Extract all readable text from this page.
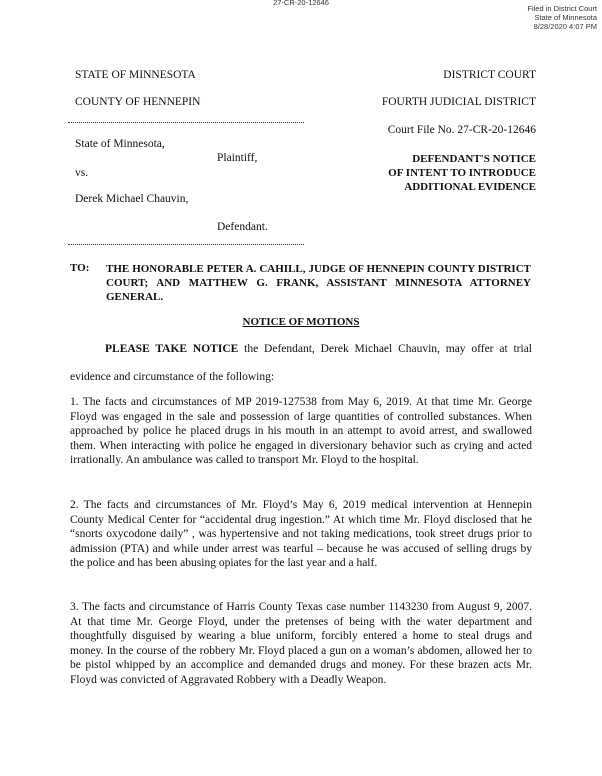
27-CR-20-12646
Filed in District Court
State of Minnesota
8/28/2020 4:07 PM
STATE OF MINNESOTA	DISTRICT COURT
COUNTY OF HENNEPIN	FOURTH JUDICIAL DISTRICT
Court File No. 27-CR-20-12646
State of Minnesota,
Plaintiff,	DEFENDANT'S NOTICE
OF INTENT TO INTRODUCE
ADDITIONAL EVIDENCE
vs.
Derek Michael Chauvin,
Defendant.
TO: THE HONORABLE PETER A. CAHILL, JUDGE OF HENNEPIN COUNTY DISTRICT COURT; AND MATTHEW G. FRANK, ASSISTANT MINNESOTA ATTORNEY GENERAL.
NOTICE OF MOTIONS
PLEASE TAKE NOTICE the Defendant, Derek Michael Chauvin, may offer at trial
evidence and circumstance of the following:
1. The facts and circumstances of MP 2019-127538 from May 6, 2019. At that time Mr. George Floyd was engaged in the sale and possession of large quantities of controlled substances. When approached by police he placed drugs in his mouth in an attempt to avoid arrest, and swallowed them. When interacting with police he engaged in diversionary behavior such as crying and acted irrationally. An ambulance was called to transport Mr. Floyd to the hospital.
2. The facts and circumstances of Mr. Floyd’s May 6, 2019 medical intervention at Hennepin County Medical Center for “accidental drug ingestion.” At which time Mr. Floyd disclosed that he “snorts oxycodone daily” , was hypertensive and not taking medications, took street drugs prior to admission (PTA) and while under arrest was tearful – because he was accused of selling drugs by the police and has been abusing opiates for the last year and a half.
3. The facts and circumstance of Harris County Texas case number 1143230 from August 9, 2007. At that time Mr. George Floyd, under the pretenses of being with the water department and thoughtfully disguised by wearing a blue uniform, forcibly entered a home to steal drugs and money. In the course of the robbery Mr. Floyd placed a gun on a woman’s abdomen, allowed her to be pistol whipped by an accomplice and demanded drugs and money. For these brazen acts Mr. Floyd was convicted of Aggravated Robbery with a Deadly Weapon.
